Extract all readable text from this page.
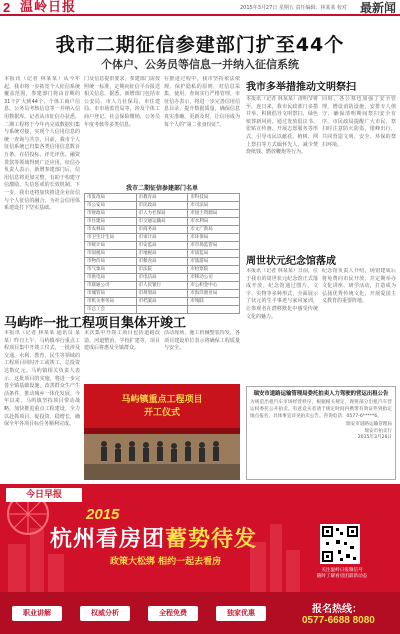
2 温岭日报	2015年3月27日 星期五 责任编辑：林某某 校对 最新闻
我市二期征信参建部门扩至44个
个体户、公务员等信息一并纳入征信系统
本报讯（记者 林某某）从今年起，我市将一步拓宽个人征信系统覆盖范围，参建部门将由首期的31个扩大到44个，个体工商户信息、公务员考核信息等一并纳入信用数据库。记者从市征信办获悉，二期工程将于今年内完成数据归集与系统对接，实现个人信用信息的统一查询与共享。目前，我市个人征信系统已归集各类信用信息数百万条，在招投标、评先评优、融资贷款等领域得到广泛应用。征信办负责人表示，新增参建部门后，信用信息将更加完整，有助于构建守信激励、失信惩戒的长效机制。下一步，我市还将加快推进企业征信与个人征信的融合，为社会信用体系建设打下坚实基础。
门及信息提供要求，参建部门需按照统一标准，定期向征信平台报送相关信息。据悉，新增部门包括市公安局、市人力社保局、市住建局、市市场监管局等，涉及个体工商户登记、社会保险缴纳、公务员年度考核等多类信息。
在推进过程中，我市坚持依法依规、保护隐私的原则，对信息采集、使用、查询实行严格管理。市征信办表示，将进一步完善信用信息目录，提升数据质量，确保信息真实准确、更新及时，让信用成为每个人的“第二张身份证”。
我市二期征信参建部门名单
市发改局	市教育局	市科技局
市公安局	市民政局	市司法局
市财政局	市人力社保局	市国土资源局
市住建局	市交通运输局	市水利局
市农林局	市商务局	市文广新局
市卫生计生局	市审计局	市环保局
市统计局	市安监局	市市场监管局
市国税局	市地税局	市质监局
市物价局	市粮食局	市旅游局
市气象局	市法院	市检察院
市供电局	市电信局	市移动公司
市联通公司	市人民银行	市公积金中心
市城管局	市规划局	市海洋渔业局
市机关事务局	市档案局	市残联
市总工会		
马屿昨一批工程项目集体开竣工
本报讯（记者 林某某 通讯员 某某）昨日上午，马屿镇举行重点工程项目集中开竣工仪式，一批涉及交通、水利、教育、民生等领域的工程项目同时开工或竣工，总投资达数亿元。马屿镇相关负责人表示，这批项目的实施，将进一步完善全镇基础设施，改善群众生产生活条件，推动城乡一体化发展。今年以来，马屿镇坚持项目带动战略，加快推进重点工程建设，全力以赴抓项目、促投资、稳增长，确保全年各项目标任务顺利完成。
本次集中开竣工项目包括道路改造、河道整治、学校扩建等，项目建成后将惠及全镇群众。
活动现场，施工机械整装待发，各项目建设单位表示将确保工程质量与安全。
马屿镇重点工程项目
开工仪式
我市多举措推动文明祭扫
本报讯（记者 林某某）清明节将至，连日来，我市民政部门多措并举，积极倡导文明祭扫、绿色殡葬新风尚。通过发放倡议书、张贴宣传画、开展志愿服务等形式，引导市民以献花、植树、网上祭扫等方式缅怀先人，减少焚烧纸钱、燃放鞭炮等行为。
同时，各公墓也加强了安全管理，增设消防设施，安排专人值守，确保清明期间祭扫安全有序。市民政局提醒广大市民，祭扫时注意防火防盗，错峰出行，共同营造文明、安全、环保的祭扫环境。
周世状元纪念馆落成
本报讯（记者 林某某）日前，位于我市的周世状元纪念馆正式落成开放。纪念馆通过图片、文字、实物等多种形式，全面展示了状元的生平事迹与家风家训，让参观者在潜移默化中感受传统文化的魅力。
纪念馆负责人介绍，场馆建成后将免费向市民开放，并定期举办文化讲座、研学活动，打造成为弘扬优秀传统文化、开展爱国主义教育的重要阵地。
瑞安市道路运输管理局委托拍卖人力驾驶的营运出租公告
为规范出租汽车市场经营秩序，根据相关规定，现将部分出租汽车营运权委托公开拍卖。有意竞买者请于规定时间内携带有效证件到指定地点报名，具体事宜详见拍卖公告。咨询电话：0577-6*****6。
瑞安市道路运输管理局
瑞安市拍卖行
2015年3月26日
今日早报
2015
杭州看房团蓄势待发
政策大松绑 相约一起去看房
关注温岭日报微信号
随时了解看房团最新动态
职业讲解	权威分析	全程免费	独家优惠	报名热线：
0577-6688 8080
